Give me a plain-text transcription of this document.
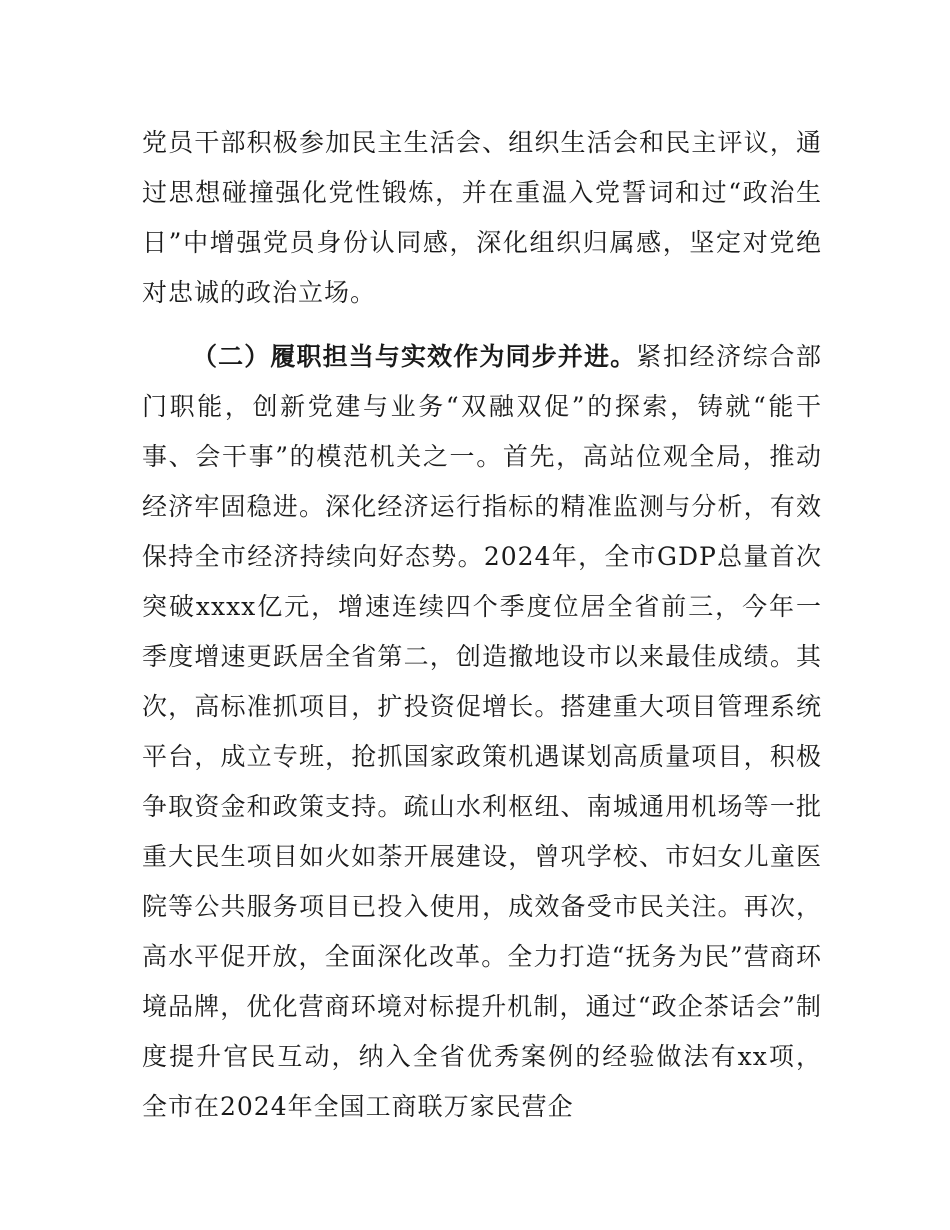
党员干部积极参加民主生活会、组织生活会和民主评议，通过思想碰撞强化党性锻炼，并在重温入党誓词和过“政治生日”中增强党员身份认同感，深化组织归属感，坚定对党绝对忠诚的政治立场。

（二）履职担当与实效作为同步并进。紧扣经济综合部门职能，创新党建与业务“双融双促”的探索，铸就“能干事、会干事”的模范机关之一。首先，高站位观全局，推动经济牢固稳进。深化经济运行指标的精准监测与分析，有效保持全市经济持续向好态势。2024年，全市GDP总量首次突破xxxx亿元，增速连续四个季度位居全省前三，今年一季度增速更跃居全省第二，创造撤地设市以来最佳成绩。其次，高标准抓项目，扩投资促增长。搭建重大项目管理系统平台，成立专班，抢抓国家政策机遇谋划高质量项目，积极争取资金和政策支持。疏山水利枢纽、南城通用机场等一批重大民生项目如火如荼开展建设，曾巩学校、市妇女儿童医院等公共服务项目已投入使用，成效备受市民关注。再次，高水平促开放，全面深化改革。全力打造“抚务为民”营商环境品牌，优化营商环境对标提升机制，通过“政企茶话会”制度提升官民互动，纳入全省优秀案例的经验做法有xx项，全市在2024年全国工商联万家民营企
